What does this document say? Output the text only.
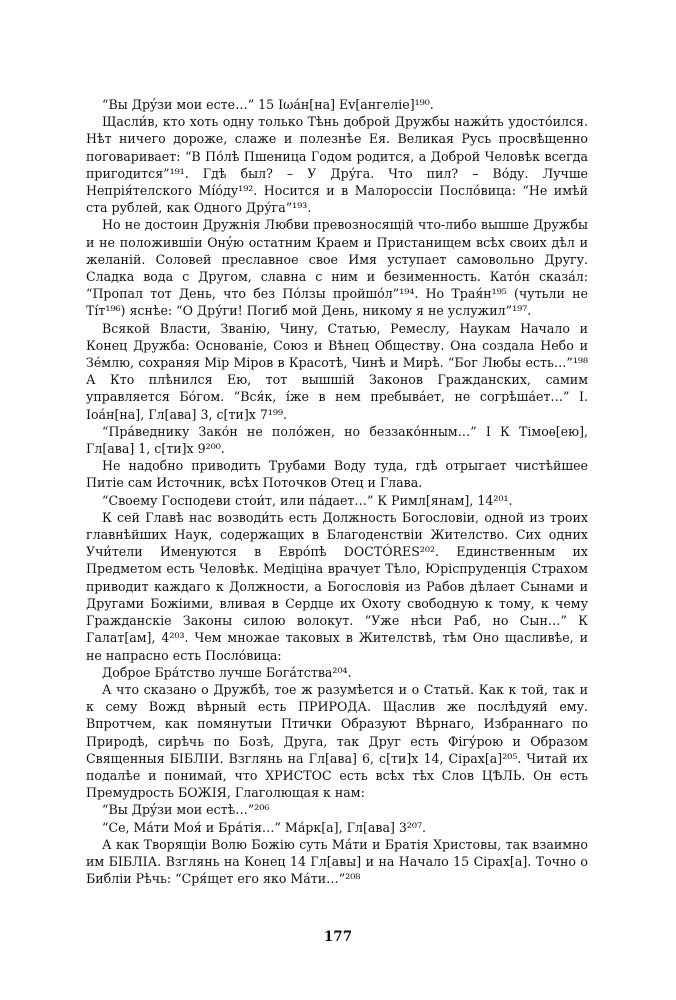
“Вы Дрýзи мои есте…” 15 Іωа́н[на] Еv[ангеліе]¹⁹⁰.

Щасли́в, кто хоть одну только Тѣнь доброй Дружбы нажи́ть удосто́ился. Нѣт ничего дороже, слаже и полезнѣе Ея. Великая Русь просвѣщенно поговаривает: “В По́лѣ Пшеница Годом родится, а Доброй Человѣк всегда пригодится”¹⁹¹. Гдѣ был? – У Дру́га. Что пил? – Во́ду. Лучше Непрія́телского Мíóду¹⁹². Носится и в Малороссіи Посло́вица: “Не имѣй ста рублей, как Одного Дру́га”¹⁹³.

Но не достоин Дружнія Любви превозносящій что-либо вышше Дружбы и не положившіи Онýю остатним Краем и Пристанищем всѣх своих дѣл и желаній. Соловей преславное свое Имя уступает самовольно Другу. Сладка вода с Другом, славна с ним и безименность. Като́н сказа́л: “Пропал тот День, что без По́лзы пройшо́л”¹⁹⁴. Но Трая́н¹⁹⁵ (чутьли не Ті́т¹⁹⁶) яснѣе: “О Дру́ги! Погиб мой День, никому я не услужил”¹⁹⁷.

Всякой Власти, Званію, Чину, Статью, Ремеслу, Наукам Начало и Конец Дружба: Основаніе, Союз и Вѣнец Обществу. Она создала Небо и Зе́млю, сохраняя Мір Міров в Красотѣ, Чинѣ и Мирѣ. “Бог Любы есть…”¹⁹⁸ А Кто плѣнился Ею, тот вышшій Законов Гражданских, самим управляется Бо́гом. “Вся́к, íже в нем пребыва́ет, не согрѣша́ет…” І. Іоа́н[на], Гл[ава] 3, с[ти]х 7¹⁹⁹.

“Пра́веднику Зако́н не поло́жен, но беззако́нным…” І К Тімоѳ[ею], Гл[ава] 1, с[ти]х 9²⁰⁰.

Не надобно приводить Трубами Воду туда, гдѣ отрыгает чистѣйшее Питіе сам Источник, всѣх Поточков Отец и Глава.

“Своему Господеви стои́т, или па́дает…” К Римл[янам], 14²⁰¹.

К сей Главѣ нас возводи́ть есть Должность Богословіи, одной из троих главнѣйших Наук, содержащих в Благоденствіи Жителство. Сих одних Учи́тели Именуются в Евро́пѣ DOCTÓRES²⁰². Единственным их Предметом есть Человѣк. Медіціна врачует Тѣло, Юріспруденція Страхом приводит каждаго к Должности, а Богословія из Рабов дѣлает Сынами и Другами Божіими, вливая в Сердце их Охоту свободную к тому, к чему Гражданскіе Законы силою волокут. “Уже нѣси Раб, но Сын…” К Галат[ам], 4²⁰³. Чем множае таковых в Жителствѣ, тѣм Оно щасливѣе, и не напрасно есть Посло́вица:

Доброе Бра́тство лучше Бога́тства²⁰⁴.

А что сказано о Дружбѣ, тое ж разумѣется и о Статьй. Как к той, так и к сему Вожд вѣрный есть ПРИРОДА. Щаслив же послѣдуяй ему. Впротчем, как помянутыи Птички Образуют Вѣрнаго, Избраннаго по Природѣ, сирѣчь по Бозѣ, Друга, так Друг есть Фігу́рою и Образом Священныя БІБЛІИ. Взглянь на Гл[ава] 6, с[ти]х 14, Сірах[а]²⁰⁵. Читай их подалѣе и понимай, что ХРИСТОС есть всѣх тѣх Слов ЦѢЛЬ. Он есть Премудрость БОЖІЯ, Глаголющая к нам:

“Вы Дрýзи мои естѣ…”²⁰⁶

“Се, Ма́ти Моя́ и Бра́тія…” Ма́рк[а], Гл[ава] 3²⁰⁷.

А как Творящіи Волю Божію суть Ма́ти и Братія Христовы, так взаимно им БІБЛІА. Взглянь на Конец 14 Гл[авы] и на Начало 15 Сірах[а]. Точно о Библіи Рѣчь: “Сря́щет его яко Ма́ти…”²⁰⁸

177
